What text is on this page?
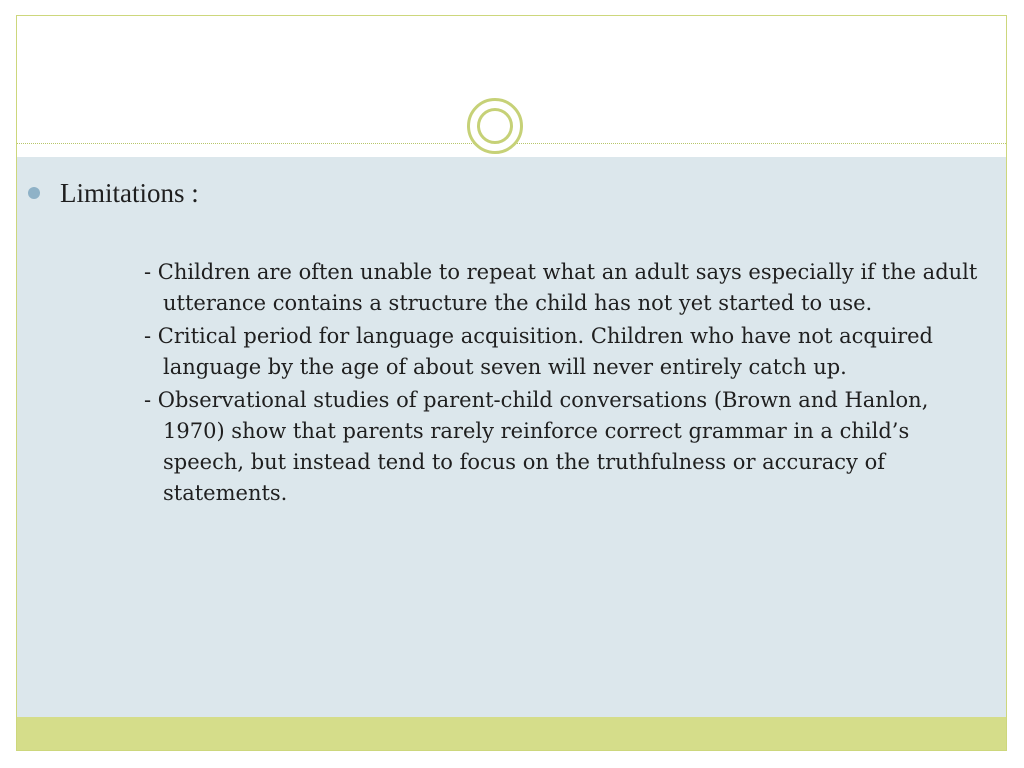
Limitations :

- Children are often unable to repeat what an adult says especially if the adult utterance contains a structure the child has not yet started to use.

- Critical period for language acquisition. Children who have not acquired language by the age of about seven will never entirely catch up.

- Observational studies of parent-child conversations (Brown and Hanlon, 1970) show that parents rarely reinforce correct grammar in a child’s speech, but instead tend to focus on the truthfulness or accuracy of statements.
